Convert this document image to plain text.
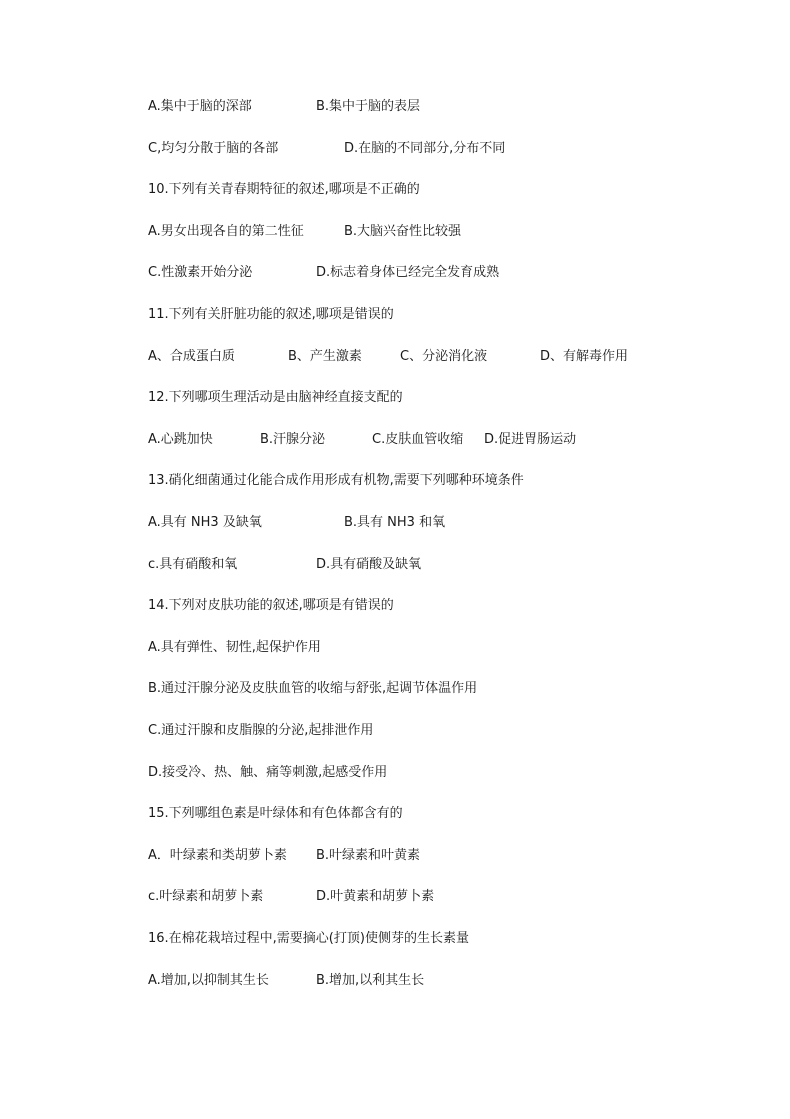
A.集中于脑的深部	B.集中于脑的表层
C,均匀分散于脑的各部	D.在脑的不同部分,分布不同
10.下列有关青春期特征的叙述,哪项是不正确的
A.男女出现各自的第二性征	B.大脑兴奋性比较强
C.性激素开始分泌	D.标志着身体已经完全发育成熟
11.下列有关肝脏功能的叙述,哪项是错误的
A、合成蛋白质	B、产生激素	C、分泌消化液	D、有解毒作用
12.下列哪项生理活动是由脑神经直接支配的
A.心跳加快	B.汗腺分泌	C.皮肤血管收缩 D.促进胃肠运动
13.硝化细菌通过化能合成作用形成有机物,需要下列哪种环境条件
A.具有 NH3 及缺氧	B.具有 NH3 和氧
c.具有硝酸和氧	D.具有硝酸及缺氧
14.下列对皮肤功能的叙述,哪项是有错误的
A.具有弹性、韧性,起保护作用
B.通过汗腺分泌及皮肤血管的收缩与舒张,起调节体温作用
C.通过汗腺和皮脂腺的分泌,起排泄作用
D.接受冷、热、触、痛等刺激,起感受作用
15.下列哪组色素是叶绿体和有色体都含有的
A．叶绿素和类胡萝卜素 B.叶绿素和叶黄素
c.叶绿素和胡萝卜素	D.叶黄素和胡萝卜素
16.在棉花栽培过程中,需要摘心(打顶)使侧芽的生长素量
A.增加,以抑制其生长	B.增加,以利其生长
